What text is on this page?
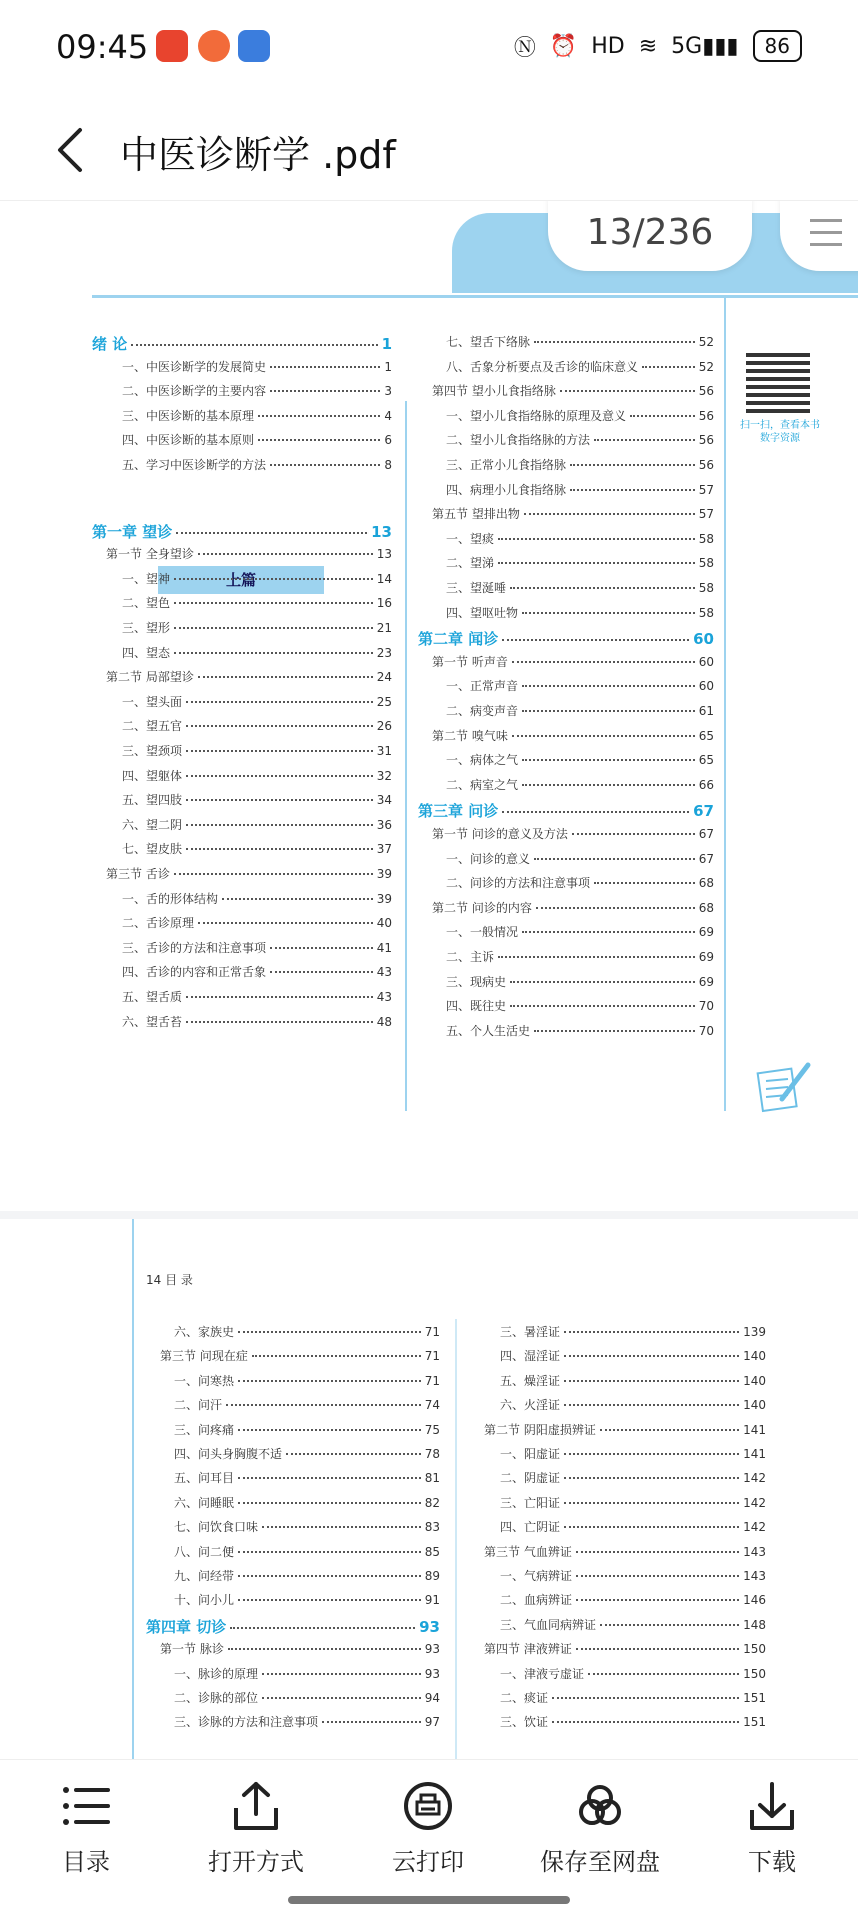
09:45	Ⓝ ⏰ HD ≋ 5G▮▮▮	86
中医诊断学 .pdf
13/236
扫一扫，查看本书数字资源
上篇
绪 论	1
一、中医诊断学的发展简史	1
二、中医诊断学的主要内容	3
三、中医诊断的基本原理	4
四、中医诊断的基本原则	6
五、学习中医诊断学的方法	8
第一章 望诊	13
第一节 全身望诊	13
一、望神	14
二、望色	16
三、望形	21
四、望态	23
第二节 局部望诊	24
一、望头面	25
二、望五官	26
三、望颈项	31
四、望躯体	32
五、望四肢	34
六、望二阴	36
七、望皮肤	37
第三节 舌诊	39
一、舌的形体结构	39
二、舌诊原理	40
三、舌诊的方法和注意事项	41
四、舌诊的内容和正常舌象	43
五、望舌质	43
六、望舌苔	48
七、望舌下络脉	52
八、舌象分析要点及舌诊的临床意义	52
第四节 望小儿食指络脉	56
一、望小儿食指络脉的原理及意义	56
二、望小儿食指络脉的方法	56
三、正常小儿食指络脉	56
四、病理小儿食指络脉	57
第五节 望排出物	57
一、望痰	58
二、望涕	58
三、望涎唾	58
四、望呕吐物	58
第二章 闻诊	60
第一节 听声音	60
一、正常声音	60
二、病变声音	61
第二节 嗅气味	65
一、病体之气	65
二、病室之气	66
第三章 问诊	67
第一节 问诊的意义及方法	67
一、问诊的意义	67
二、问诊的方法和注意事项	68
第二节 问诊的内容	68
一、一般情况	69
二、主诉	69
三、现病史	69
四、既往史	70
五、个人生活史	70
14 目 录
六、家族史	71
第三节 问现在症	71
一、问寒热	71
二、问汗	74
三、问疼痛	75
四、问头身胸腹不适	78
五、问耳目	81
六、问睡眠	82
七、问饮食口味	83
八、问二便	85
九、问经带	89
十、问小儿	91
第四章 切诊	93
第一节 脉诊	93
一、脉诊的原理	93
二、诊脉的部位	94
三、诊脉的方法和注意事项	97
三、暑淫证	139
四、湿淫证	140
五、燥淫证	140
六、火淫证	140
第二节 阴阳虚损辨证	141
一、阳虚证	141
二、阴虚证	142
三、亡阳证	142
四、亡阴证	142
第三节 气血辨证	143
一、气病辨证	143
二、血病辨证	146
三、气血同病辨证	148
第四节 津液辨证	150
一、津液亏虚证	150
二、痰证	151
三、饮证	151
目录	打开方式	云打印	保存至网盘	下载
